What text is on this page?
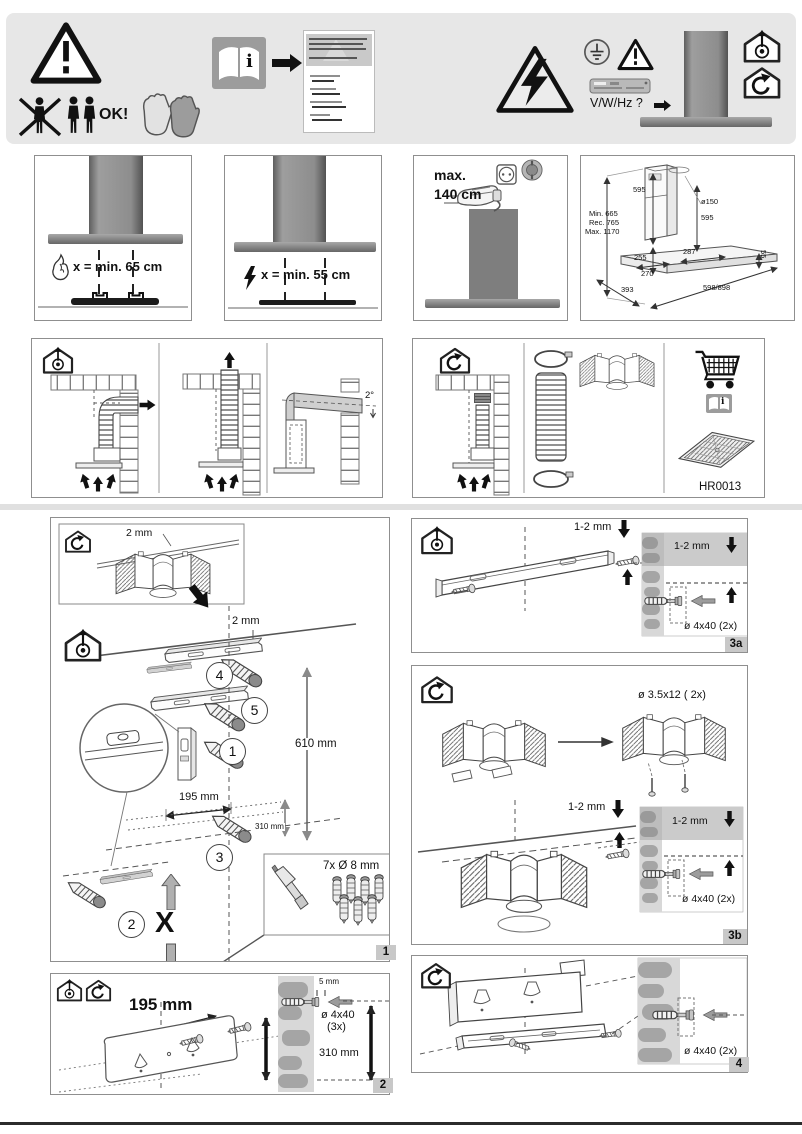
OK!
i
V/W/Hz ?
x = min. 65 cm
x = min. 55 cm
max.
140 cm	595
ø150
595
Min. 665
Rec. 765
Max. 1170
255
270
287	55
393	598/898
2°
i
HR0013
2 mm
2 mm
610 mm
195 mm
310 mm
7x Ø 8 mm
X
4
5
1
3
2
1
195 mm
5 mm
ø 4x40
(3x)
310 mm
2
1-2 mm
1-2 mm
ø 4x40 (2x)
3a
ø 3.5x12 ( 2x)
1-2 mm
1-2 mm
ø 4x40 (2x)
3b
ø 4x40 (2x)
4
